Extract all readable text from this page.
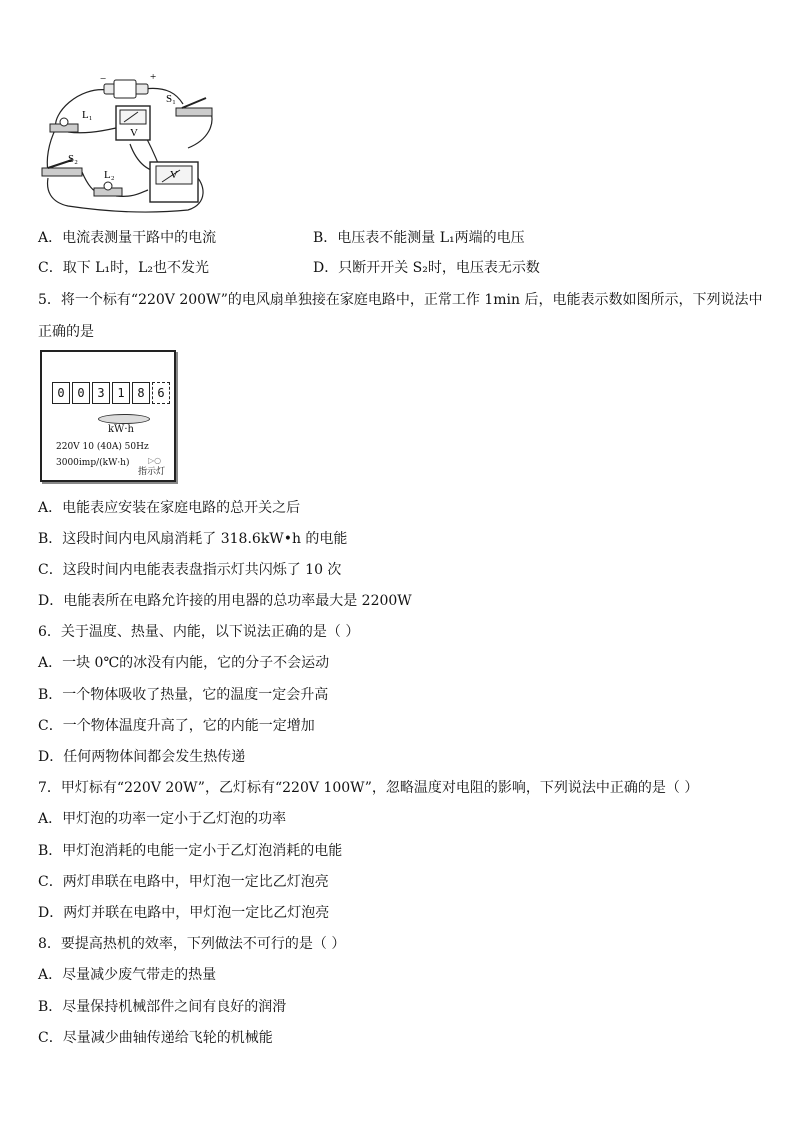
−	+
S₁
L₁
V
S₂
L₂	V
A．电流表测量干路中的电流	B．电压表不能测量 L₁两端的电压
C．取下 L₁时，L₂也不发光	D．只断开开关 S₂时，电压表无示数
5．将一个标有“220V 200W”的电风扇单独接在家庭电路中，正常工作 1min 后，电能表示数如图所示，下列说法中
正确的是
0	0	3	1	8	6
kW·h
220V 10 (40A) 50Hz
3000imp/(kW·h) ▷○
指示灯
A．电能表应安装在家庭电路的总开关之后
B．这段时间内电风扇消耗了 318.6kW•h 的电能
C．这段时间内电能表表盘指示灯共闪烁了 10 次
D．电能表所在电路允许接的用电器的总功率最大是 2200W
6．关于温度、热量、内能，以下说法正确的是（ ）
A．一块 0℃的冰没有内能，它的分子不会运动
B．一个物体吸收了热量，它的温度一定会升高
C．一个物体温度升高了，它的内能一定增加
D．任何两物体间都会发生热传递
7．甲灯标有“220V 20W”，乙灯标有“220V 100W”，忽略温度对电阻的影响，下列说法中正确的是（ ）
A．甲灯泡的功率一定小于乙灯泡的功率
B．甲灯泡消耗的电能一定小于乙灯泡消耗的电能
C．两灯串联在电路中，甲灯泡一定比乙灯泡亮
D．两灯并联在电路中，甲灯泡一定比乙灯泡亮
8．要提高热机的效率，下列做法不可行的是（ ）
A．尽量减少废气带走的热量
B．尽量保持机械部件之间有良好的润滑
C．尽量减少曲轴传递给飞轮的机械能
